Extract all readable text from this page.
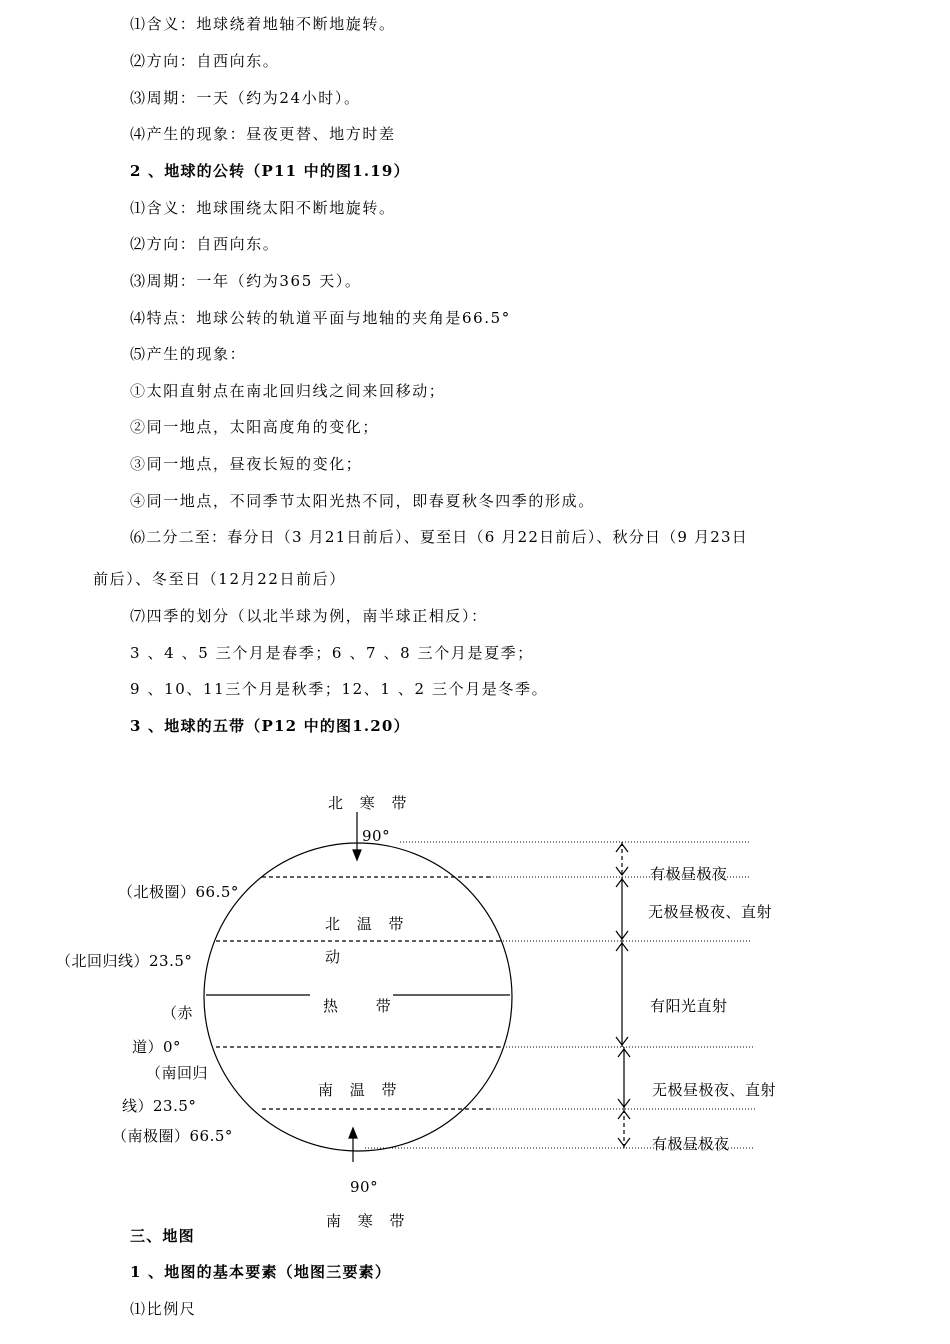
⑴含义：地球绕着地轴不断地旋转。
⑵方向：自西向东。
⑶周期：一天（约为24小时）。
⑷产生的现象：昼夜更替、地方时差
2 、地球的公转（P11 中的图1.19）
⑴含义：地球围绕太阳不断地旋转。
⑵方向：自西向东。
⑶周期：一年（约为365 天）。
⑷特点：地球公转的轨道平面与地轴的夹角是66.5°
⑸产生的现象：
①太阳直射点在南北回归线之间来回移动；
②同一地点，太阳高度角的变化；
③同一地点，昼夜长短的变化；
④同一地点，不同季节太阳光热不同，即春夏秋冬四季的形成。
⑹二分二至：春分日（3 月21日前后）、夏至日（6 月22日前后）、秋分日（9 月23日
前后）、冬至日（12月22日前后）
⑺四季的划分（以北半球为例，南半球正相反）：
3 、4 、5 三个月是春季；6 、7 、8 三个月是夏季；
9 、10、11三个月是秋季；12、1 、2 三个月是冬季。
3 、地球的五带（P12 中的图1.20）
北 寒 带
90°
（北极圈）66.5°
北 温 带
（北回归线）23.5°	动
热　 带
（赤
道）0°
（南回归
南 温 带
线）23.5°
（南极圈）66.5°
90°
南 寒 带
有极昼极夜
无极昼极夜、直射
有阳光直射
无极昼极夜、直射
有极昼极夜
三、地图
1 、地图的基本要素（地图三要素）
⑴比例尺
